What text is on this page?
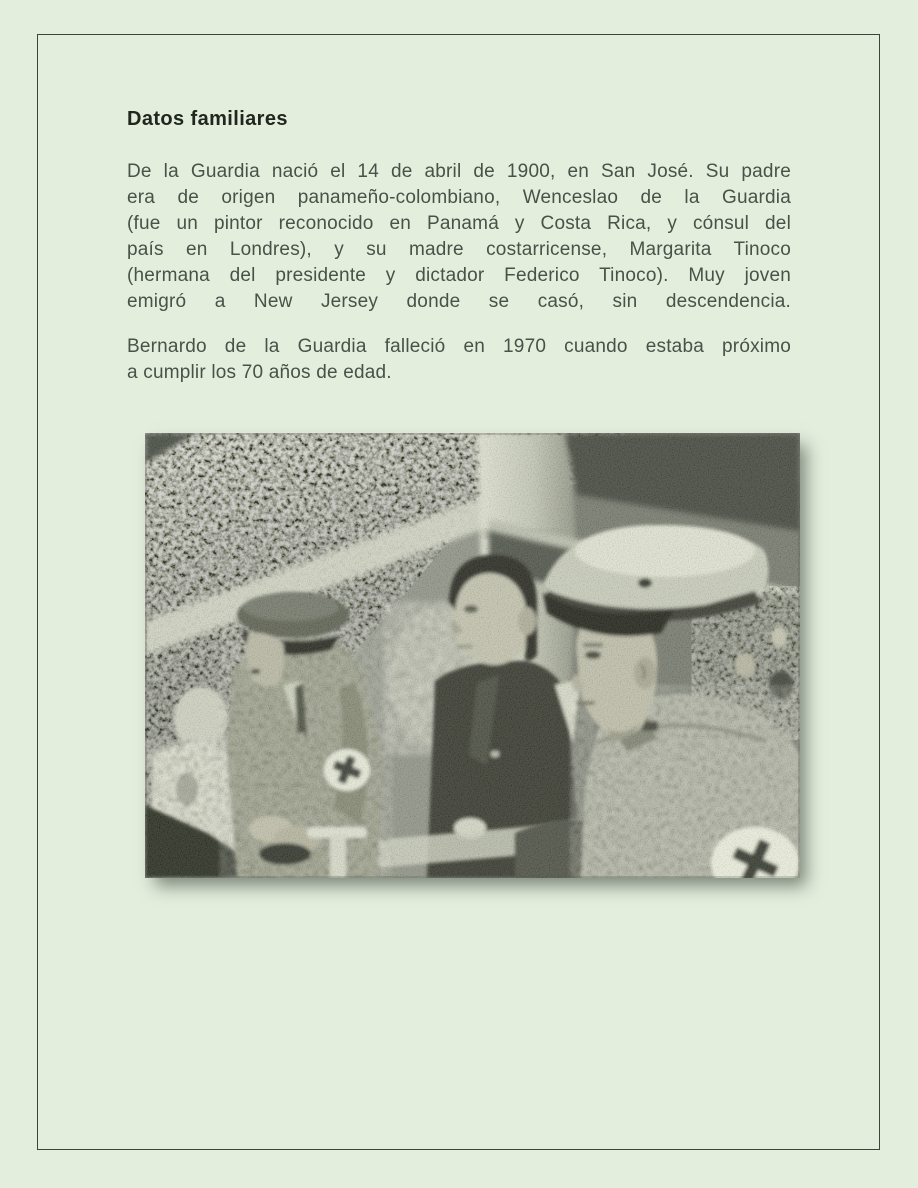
Datos familiares
De la Guardia nació el 14 de abril de 1900, en San José. Su padre
era de origen panameño-colombiano, Wenceslao de la Guardia
(fue un pintor reconocido en Panamá y Costa Rica, y cónsul del
país en Londres), y su madre costarricense, Margarita Tinoco
(hermana del presidente y dictador Federico Tinoco). Muy joven
emigró a New Jersey donde se casó, sin descendencia.
Bernardo de la Guardia falleció en 1970 cuando estaba próximo
a cumplir los 70 años de edad.
